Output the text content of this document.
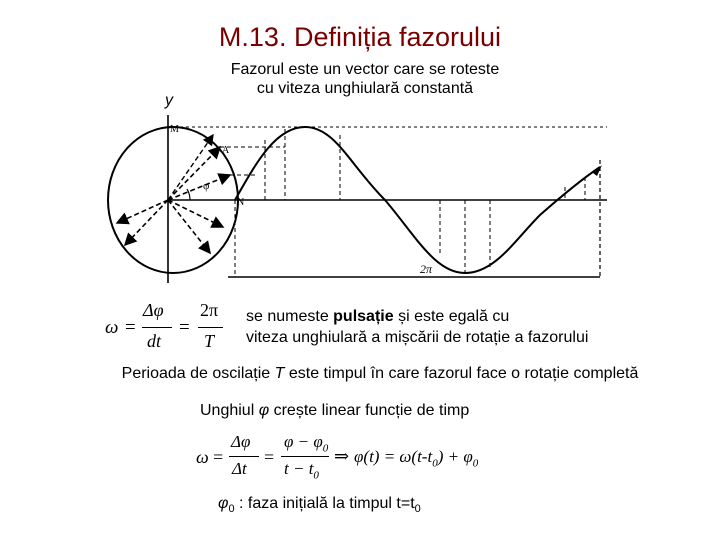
M.13. Definiția fazorului
Fazorul este un vector care se roteste
cu viteza unghiulară constantă
y
M
A
φ
N
2π
ω =
Δφ
dt
=
2π
T
se numeste pulsație și este egală cu
viteza unghiulară a mișcării de rotație a fazorului
Perioada de oscilație T este timpul în care fazorul face o rotație completă
Unghiul φ crește linear funcție de timp
ω =
Δφ
Δt
=
$\varphi - \varphi_0$
$t - t_0$
⇒ $\varphi(t) = \omega(t-t_0) + \varphi_0$
$\varphi_0$ : faza inițială la timpul $t=t_0$
